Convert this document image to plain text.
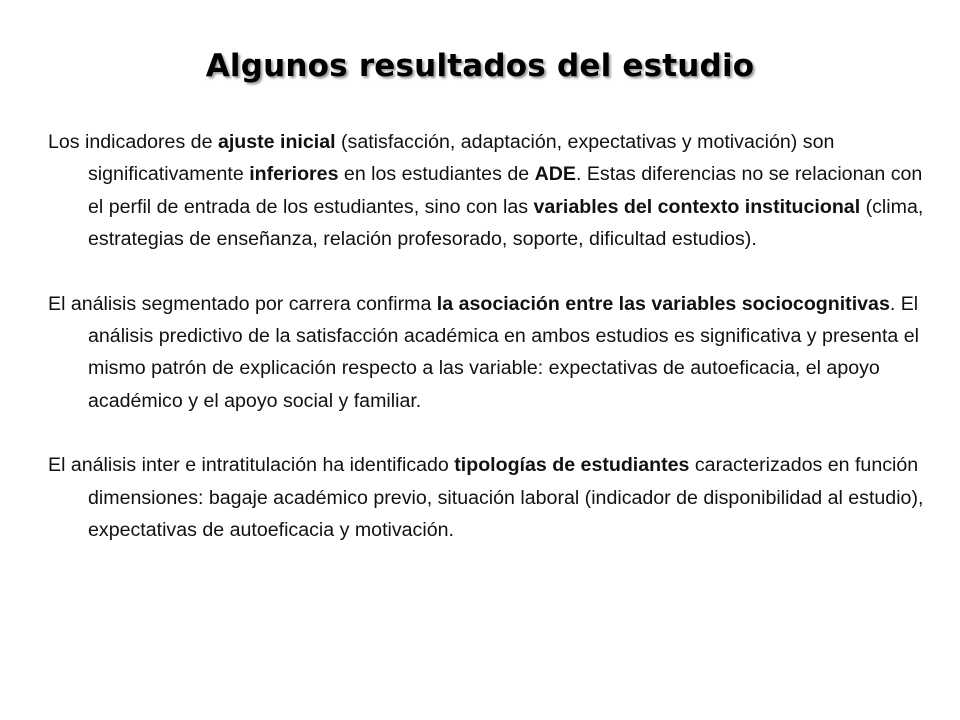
Algunos resultados del estudio

Los indicadores de ajuste inicial (satisfacción, adaptación, expectativas y motivación) son significativamente inferiores en los estudiantes de ADE. Estas diferencias no se relacionan con el perfil de entrada de los estudiantes, sino con las variables del contexto institucional (clima, estrategias de enseñanza, relación profesorado, soporte, dificultad estudios).

El análisis segmentado por carrera confirma la asociación entre las variables sociocognitivas. El análisis predictivo de la satisfacción académica en ambos estudios es significativa y presenta el mismo patrón de explicación respecto a las variable: expectativas de autoeficacia, el apoyo académico y el apoyo social y familiar.

El análisis inter e intratitulación ha identificado tipologías de estudiantes caracterizados en función dimensiones: bagaje académico previo, situación laboral (indicador de disponibilidad al estudio), expectativas de autoeficacia y motivación.
